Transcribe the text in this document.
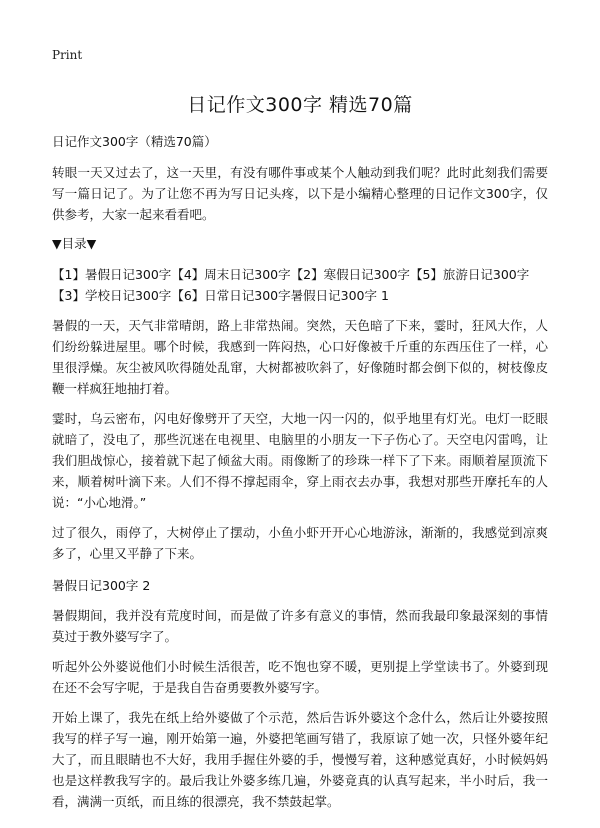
Print
日记作文300字 精选70篇

日记作文300字（精选70篇）

转眼一天又过去了，这一天里，有没有哪件事或某个人触动到我们呢？此时此刻我们需要写一篇日记了。为了让您不再为写日记头疼，以下是小编精心整理的日记作文300字，仅供参考，大家一起来看看吧。

▼目录▼

【1】暑假日记300字【4】周末日记300字【2】寒假日记300字【5】旅游日记300字
【3】学校日记300字【6】日常日记300字暑假日记300字 1

暑假的一天，天气非常晴朗，路上非常热闹。突然，天色暗了下来，霎时，狂风大作，人们纷纷躲进屋里。哪个时候，我感到一阵闷热，心口好像被千斤重的东西压住了一样，心里很浮燥。灰尘被风吹得随处乱窜，大树都被吹斜了，好像随时都会倒下似的，树枝像皮鞭一样疯狂地抽打着。

霎时，乌云密布，闪电好像劈开了天空，大地一闪一闪的，似乎地里有灯光。电灯一眨眼就暗了，没电了，那些沉迷在电视里、电脑里的小朋友一下子伤心了。天空电闪雷鸣，让我们胆战惊心，接着就下起了倾盆大雨。雨像断了的珍珠一样下了下来。雨顺着屋顶流下来，顺着树叶滴下来。人们不得不撑起雨伞，穿上雨衣去办事，我想对那些开摩托车的人说：“小心地滑。”

过了很久，雨停了，大树停止了摆动，小鱼小虾开开心心地游泳，渐渐的，我感觉到凉爽多了，心里又平静了下来。

暑假日记300字 2

暑假期间，我并没有荒度时间，而是做了许多有意义的事情，然而我最印象最深刻的事情莫过于教外婆写字了。

听起外公外婆说他们小时候生活很苦，吃不饱也穿不暖，更别提上学堂读书了。外婆到现在还不会写字呢，于是我自告奋勇要教外婆写字。

开始上课了，我先在纸上给外婆做了个示范，然后告诉外婆这个念什么，然后让外婆按照我写的样子写一遍，刚开始第一遍，外婆把笔画写错了，我原谅了她一次，只怪外婆年纪大了，而且眼睛也不大好，我用手握住外婆的手，慢慢写着，这种感觉真好，小时候妈妈也是这样教我写字的。最后我让外婆多练几遍，外婆竟真的认真写起来，半小时后，我一看，满满一页纸，而且练的很漂亮，我不禁鼓起掌。
